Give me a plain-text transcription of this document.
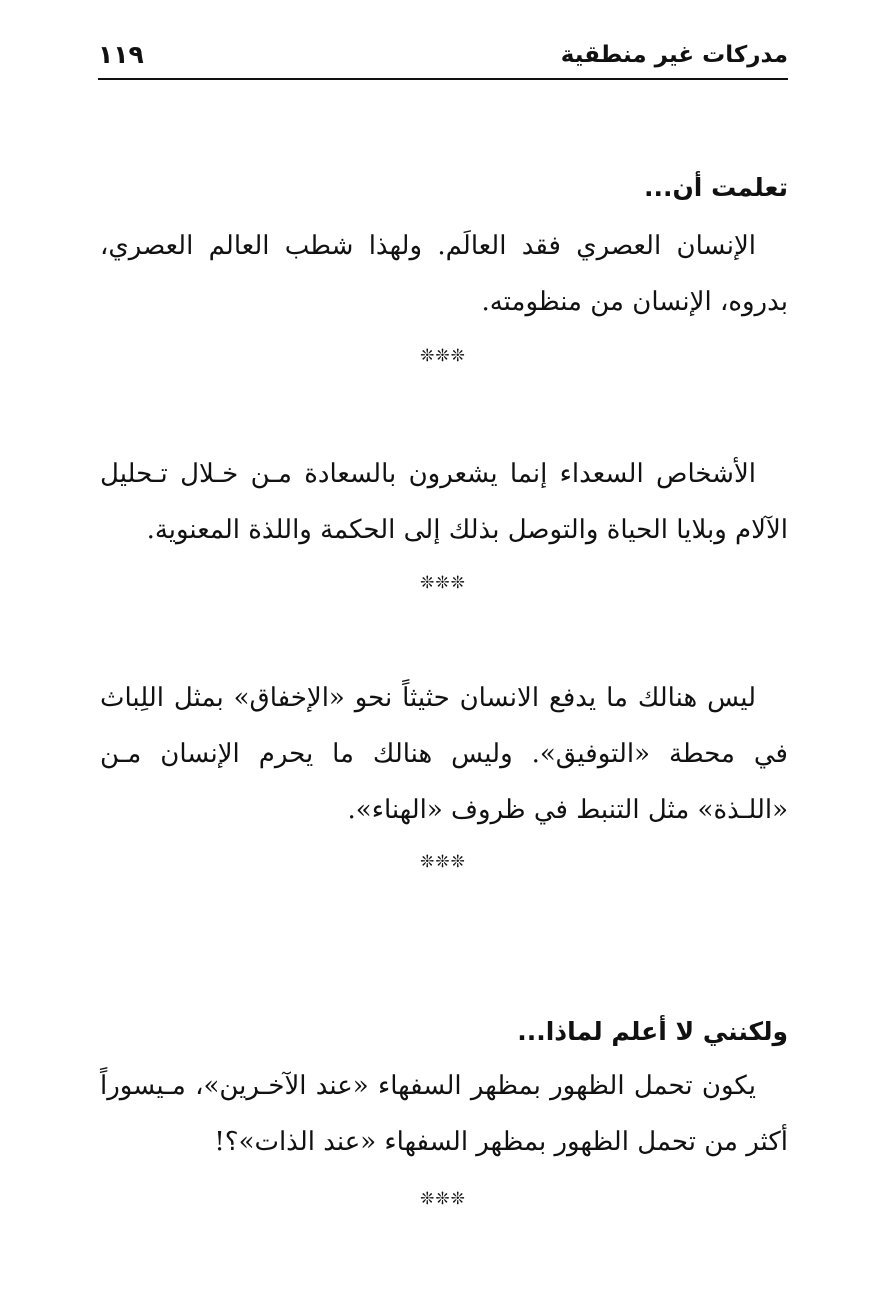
مدركات غير منطقية
١١٩
تعلمت أن...

الإنسان العصري فقد العالَم. ولهذا شطب العالم العصري، بدروه، الإنسان من منظومته.

❊❊❊

الأشخاص السعداء إنما يشعرون بالسعادة مـن خـلال تـحليل الآلام وبلايا الحياة والتوصل بذلك إلى الحكمة واللذة المعنوية.

❊❊❊

ليس هنالك ما يدفع الانسان حثيثاً نحو «الإخفاق» بمثل اللِباث في محطة «التوفيق». وليس هنالك ما يحرم الإنسان مـن «اللـذة» مثل التنبط في ظروف «الهناء».

❊❊❊
ولكنني لا أعلم لماذا...

يكون تحمل الظهور بمظهر السفهاء «عند الآخـرين»، مـيسوراً أكثر من تحمل الظهور بمظهر السفهاء «عند الذات»؟!

❊❊❊
